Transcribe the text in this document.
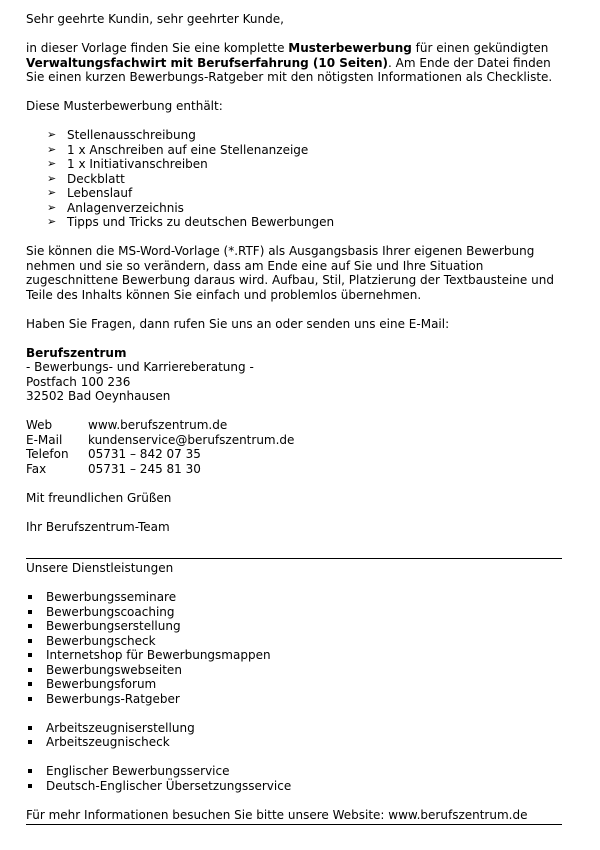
Sehr geehrte Kundin, sehr geehrter Kunde,

in dieser Vorlage finden Sie eine komplette Musterbewerbung für einen gekündigten Verwaltungsfachwirt mit Berufserfahrung (10 Seiten). Am Ende der Datei finden Sie einen kurzen Bewerbungs-Ratgeber mit den nötigsten Informationen als Checkliste.

Diese Musterbewerbung enthält:

➢ Stellenausschreibung
➢ 1 x Anschreiben auf eine Stellenanzeige
➢ 1 x Initiativanschreiben
➢ Deckblatt
➢ Lebenslauf
➢ Anlagenverzeichnis
➢ Tipps und Tricks zu deutschen Bewerbungen

Sie können die MS-Word-Vorlage (*.RTF) als Ausgangsbasis Ihrer eigenen Bewerbung nehmen und sie so verändern, dass am Ende eine auf Sie und Ihre Situation zugeschnittene Bewerbung daraus wird. Aufbau, Stil, Platzierung der Textbausteine und Teile des Inhalts können Sie einfach und problemlos übernehmen.

Haben Sie Fragen, dann rufen Sie uns an oder senden uns eine E-Mail:

Berufszentrum

- Bewerbungs- und Karriereberatung -

Postfach 100 236

32502 Bad Oeynhausen

Web	www.berufszentrum.de
E-Mail kundenservice@berufszentrum.de
Telefon 05731 – 842 07 35
Fax	05731 – 245 81 30

Mit freundlichen Grüßen

Ihr Berufszentrum-Team

Unsere Dienstleistungen

Bewerbungsseminare
Bewerbungscoaching
Bewerbungserstellung
Bewerbungscheck
Internetshop für Bewerbungsmappen
Bewerbungswebseiten
Bewerbungsforum
Bewerbungs-Ratgeber
Arbeitszeugniserstellung
Arbeitszeugnischeck
Englischer Bewerbungsservice
Deutsch-Englischer Übersetzungsservice

Für mehr Informationen besuchen Sie bitte unsere Website: www.berufszentrum.de
